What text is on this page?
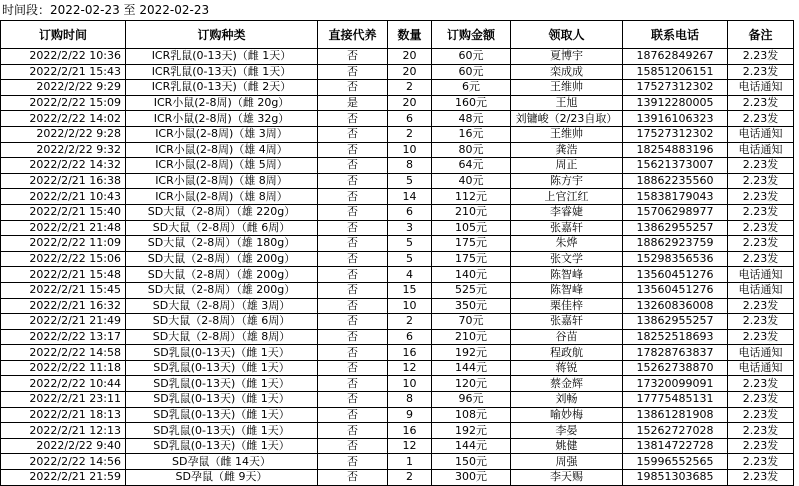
时间段：2022-02-23 至 2022-02-23
订购时间	订购种类	直接代养	数量	订购金额	领取人	联系电话	备注
2022/2/22 10:36	ICR乳鼠(0-13天)（雌 1天）	否	20	60元	夏博宇	18762849267	2.23发
2022/2/21 15:43	ICR乳鼠(0-13天)（雌 1天）	否	20	60元	栾成成	15851206151	2.23发
2022/2/22 9:29	ICR乳鼠(0-13天)（雌 2天）	否	2	6元	王维帅	17527312302	电话通知
2022/2/22 15:09	ICR小鼠(2-8周)（雌 20g）	是	20	160元	王旭	13912280005	2.23发
2022/2/22 14:02	ICR小鼠(2-8周)（雄 32g）	否	6	48元	刘镛峻（2/23自取）	13916106323	2.23发
2022/2/22 9:28	ICR小鼠(2-8周)（雄 3周）	否	2	16元	王维帅	17527312302	电话通知
2022/2/22 9:32	ICR小鼠(2-8周)（雄 4周）	否	10	80元	龚浩	18254883196	电话通知
2022/2/22 14:32	ICR小鼠(2-8周)（雄 5周）	否	8	64元	周正	15621373007	2.23发
2022/2/21 16:38	ICR小鼠(2-8周)（雄 8周）	否	5	40元	陈方宇	18862235560	2.23发
2022/2/21 10:43	ICR小鼠(2-8周)（雄 8周）	否	14	112元	上官江红	15838179043	2.23发
2022/2/21 15:40	SD大鼠（2-8周）（雄 220g）	否	6	210元	李睿婕	15706298977	2.23发
2022/2/21 21:48	SD大鼠（2-8周）（雌 6周）	否	3	105元	张嘉轩	13862955257	2.23发
2022/2/22 11:09	SD大鼠（2-8周）（雄 180g）	否	5	175元	朱烨	18862923759	2.23发
2022/2/22 15:06	SD大鼠（2-8周）（雄 200g）	否	5	175元	张文学	15298356536	2.23发
2022/2/21 15:48	SD大鼠（2-8周）（雄 200g）	否	4	140元	陈智峰	13560451276	电话通知
2022/2/21 15:45	SD大鼠（2-8周）（雄 200g）	否	15	525元	陈智峰	13560451276	电话通知
2022/2/21 16:32	SD大鼠（2-8周）（雄 3周）	否	10	350元	栗佳梓	13260836008	2.23发
2022/2/21 21:49	SD大鼠（2-8周）（雄 6周）	否	2	70元	张嘉轩	13862955257	2.23发
2022/2/22 13:17	SD大鼠（2-8周）（雄 8周）	否	6	210元	谷苗	18252518693	2.23发
2022/2/22 14:58	SD乳鼠(0-13天)（雌 1天）	否	16	192元	程政航	17828763837	电话通知
2022/2/22 11:18	SD乳鼠(0-13天)（雌 1天）	否	12	144元	蒋锐	15262738870	电话通知
2022/2/22 10:44	SD乳鼠(0-13天)（雌 1天）	否	10	120元	蔡金辉	17320099091	2.23发
2022/2/21 23:11	SD乳鼠(0-13天)（雌 1天）	否	8	96元	刘畅	17775485131	2.23发
2022/2/21 18:13	SD乳鼠(0-13天)（雌 1天）	否	9	108元	喻妙梅	13861281908	2.23发
2022/2/21 12:13	SD乳鼠(0-13天)（雌 1天）	否	16	192元	李晏	15262727028	2.23发
2022/2/22 9:40	SD乳鼠(0-13天)（雌 1天）	否	12	144元	姚健	13814722728	2.23发
2022/2/22 14:56	SD孕鼠（雌 14天）	否	1	150元	周强	15996552565	2.23发
2022/2/21 21:59	SD孕鼠（雌 9天）	否	2	300元	李天赐	19851303685	2.23发
